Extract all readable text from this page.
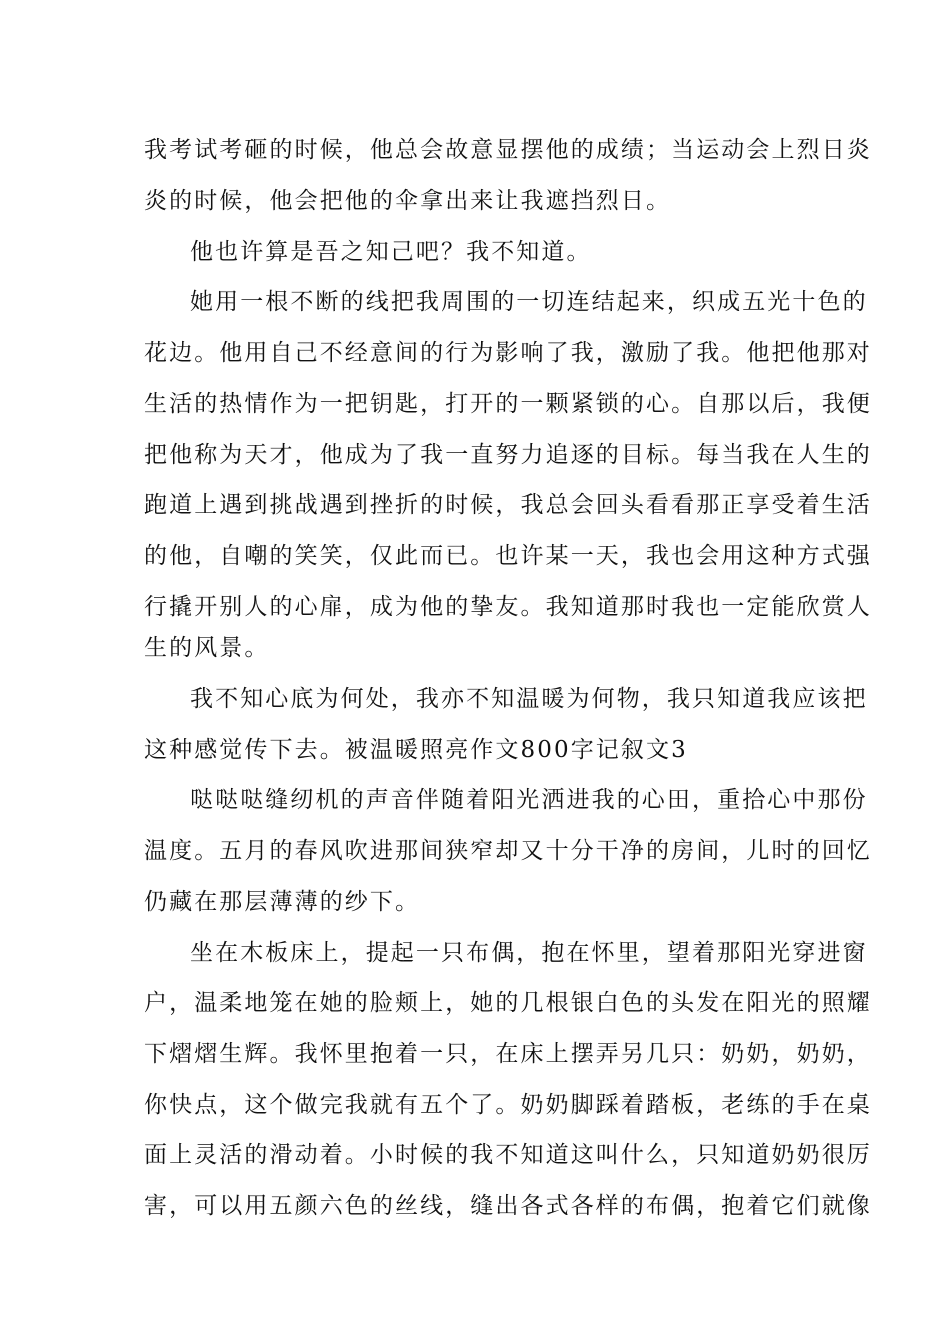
我考试考砸的时候，他总会故意显摆他的成绩；当运动会上烈日炎
炎的时候，他会把他的伞拿出来让我遮挡烈日。
他也许算是吾之知己吧？我不知道。
她用一根不断的线把我周围的一切连结起来，织成五光十色的
花边。他用自己不经意间的行为影响了我，激励了我。他把他那对
生活的热情作为一把钥匙，打开的一颗紧锁的心。自那以后，我便
把他称为天才，他成为了我一直努力追逐的目标。每当我在人生的
跑道上遇到挑战遇到挫折的时候，我总会回头看看那正享受着生活
的他，自嘲的笑笑，仅此而已。也许某一天，我也会用这种方式强
行撬开别人的心扉，成为他的挚友。我知道那时我也一定能欣赏人
生的风景。
我不知心底为何处，我亦不知温暖为何物，我只知道我应该把
这种感觉传下去。被温暖照亮作文800字记叙文3
哒哒哒缝纫机的声音伴随着阳光洒进我的心田，重拾心中那份
温度。五月的春风吹进那间狭窄却又十分干净的房间，儿时的回忆
仍藏在那层薄薄的纱下。
坐在木板床上，提起一只布偶，抱在怀里，望着那阳光穿进窗
户，温柔地笼在她的脸颊上，她的几根银白色的头发在阳光的照耀
下熠熠生辉。我怀里抱着一只，在床上摆弄另几只：奶奶，奶奶，
你快点，这个做完我就有五个了。奶奶脚踩着踏板，老练的手在桌
面上灵活的滑动着。小时候的我不知道这叫什么，只知道奶奶很厉
害，可以用五颜六色的丝线，缝出各式各样的布偶，抱着它们就像
